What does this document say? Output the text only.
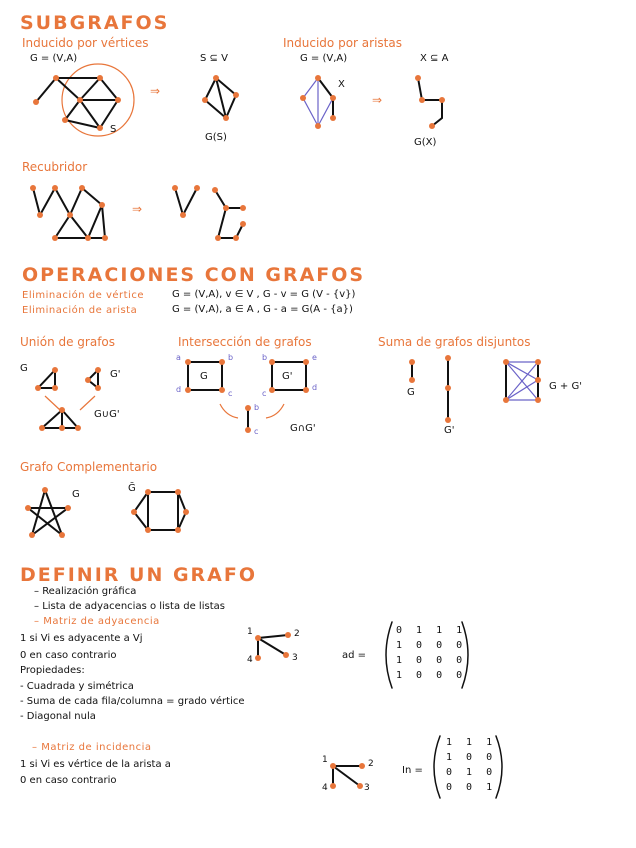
SUBGRAFOS
Inducido por vértices
G = (V,A)	S ⊆ V
S
G(S)
⇒
Inducido por aristas
G = (V,A)	X ⊆ A
X
G(X)
⇒
Recubridor
⇒
OPERACIONES CON GRAFOS
Eliminación de vértice	G = (V,A), v ∈ V , G - v = G (V - {v})
Eliminación de arista	G = (V,A), a ∈ A , G - a = G(A - {a})
Unión de grafos
G
G'
G∪G'
Intersección de grafos
G	G'
G∩G'
a	b
d	c
b	e
c
d
b
c
Suma de grafos disjuntos
G
G'
G + G'
Grafo Complementario
G
Ḡ
DEFINIR UN GRAFO
– Realización gráfica
– Lista de adyacencias o lista de listas
– Matriz de adyacencia
1 si Vi es adyacente a Vj
0 en caso contrario
Propiedades:
- Cuadrada y simétrica
- Suma de cada fila/columna = grado vértice
- Diagonal nula
1	2
3
4	ad =
0 1 1 1
1 0 0 0
1 0 0 0
1 0 0 0
– Matriz de incidencia
1 si Vi es vértice de la arista a
0 en caso contrario
1	2
3
4
In =
1 1 1
1 0 0
0 1 0
0 0 1
